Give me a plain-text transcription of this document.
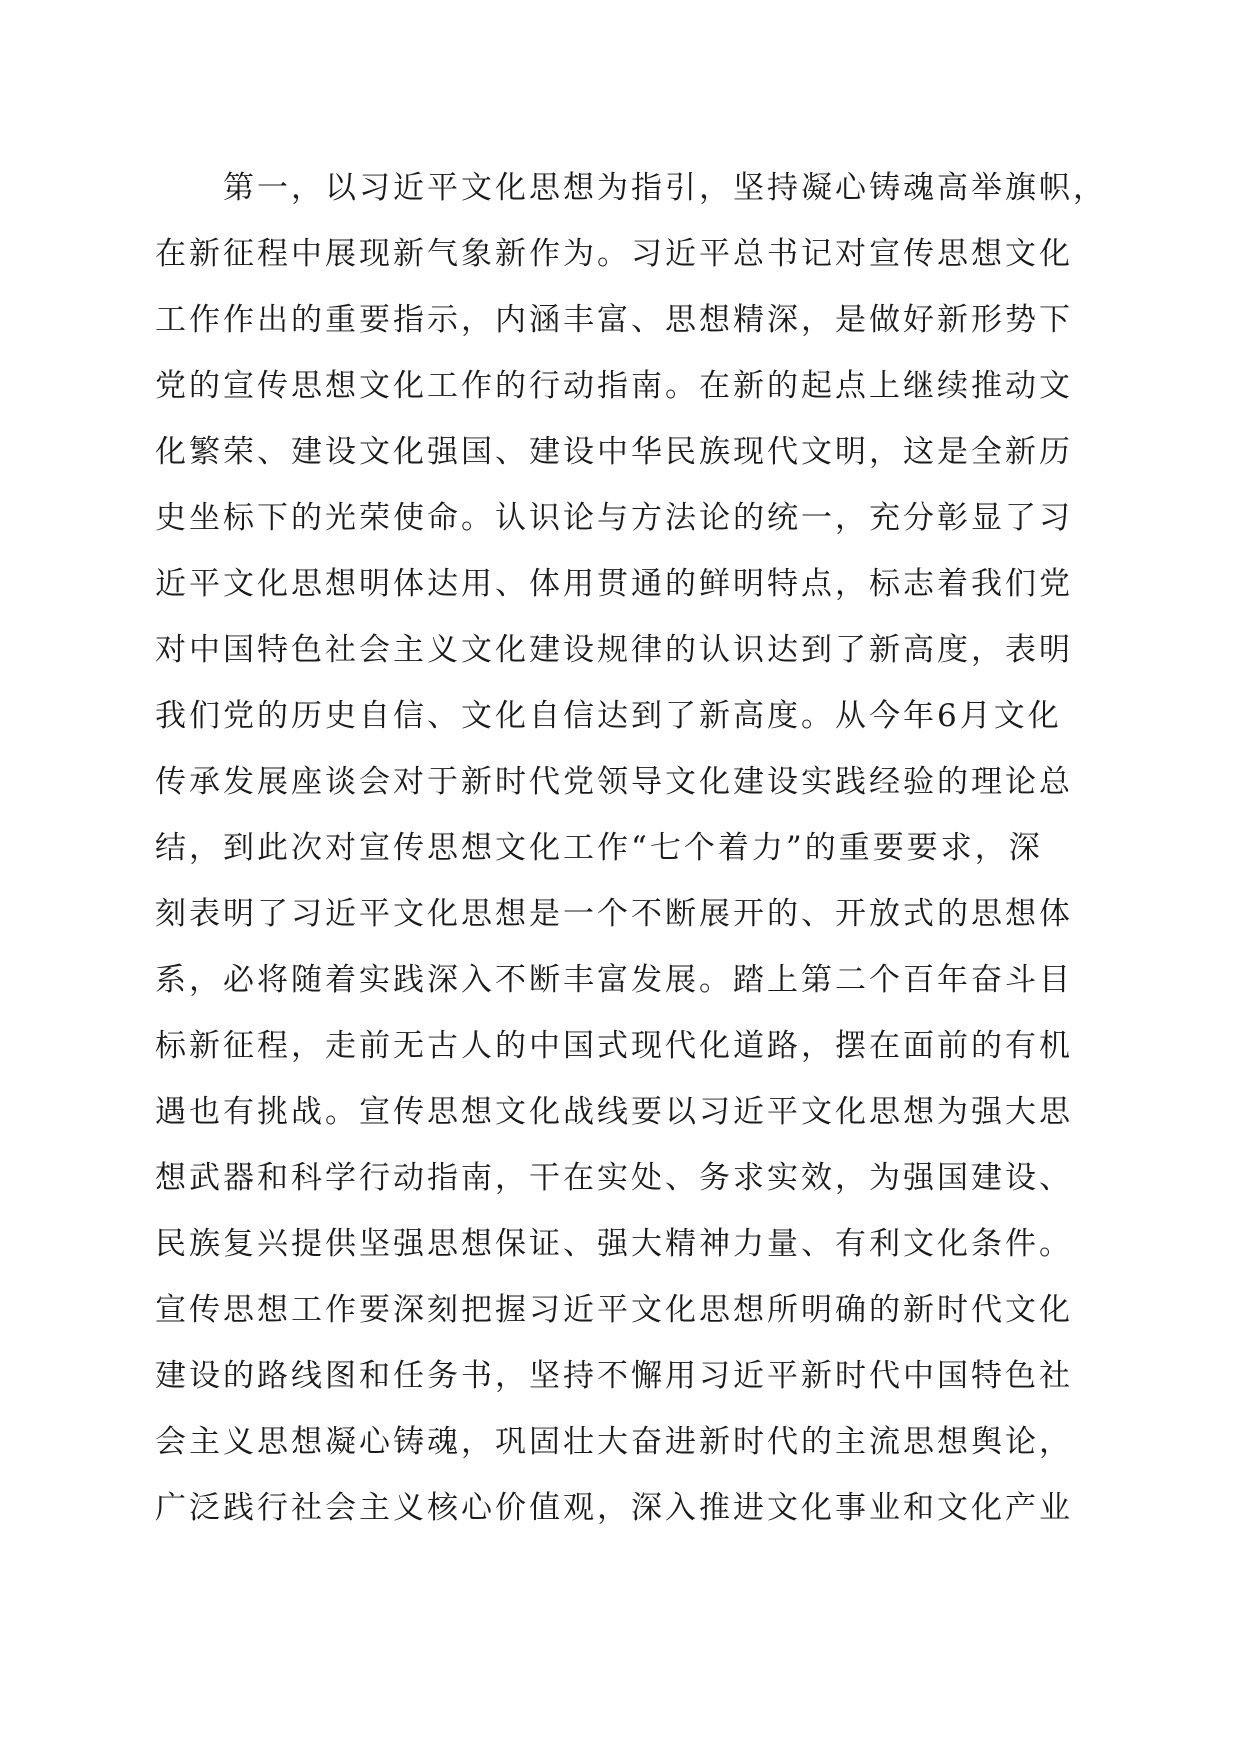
第一，以习近平文化思想为指引，坚持凝心铸魂高举旗帜，
在新征程中展现新气象新作为。习近平总书记对宣传思想文化
工作作出的重要指示，内涵丰富、思想精深，是做好新形势下
党的宣传思想文化工作的行动指南。在新的起点上继续推动文
化繁荣、建设文化强国、建设中华民族现代文明，这是全新历
史坐标下的光荣使命。认识论与方法论的统一，充分彰显了习
近平文化思想明体达用、体用贯通的鲜明特点，标志着我们党
对中国特色社会主义文化建设规律的认识达到了新高度，表明
我们党的历史自信、文化自信达到了新高度。从今年6月文化
传承发展座谈会对于新时代党领导文化建设实践经验的理论总
结，到此次对宣传思想文化工作“七个着力”的重要要求，深
刻表明了习近平文化思想是一个不断展开的、开放式的思想体
系，必将随着实践深入不断丰富发展。踏上第二个百年奋斗目
标新征程，走前无古人的中国式现代化道路，摆在面前的有机
遇也有挑战。宣传思想文化战线要以习近平文化思想为强大思
想武器和科学行动指南，干在实处、务求实效，为强国建设、
民族复兴提供坚强思想保证、强大精神力量、有利文化条件。
宣传思想工作要深刻把握习近平文化思想所明确的新时代文化
建设的路线图和任务书，坚持不懈用习近平新时代中国特色社
会主义思想凝心铸魂，巩固壮大奋进新时代的主流思想舆论，
广泛践行社会主义核心价值观，深入推进文化事业和文化产业
